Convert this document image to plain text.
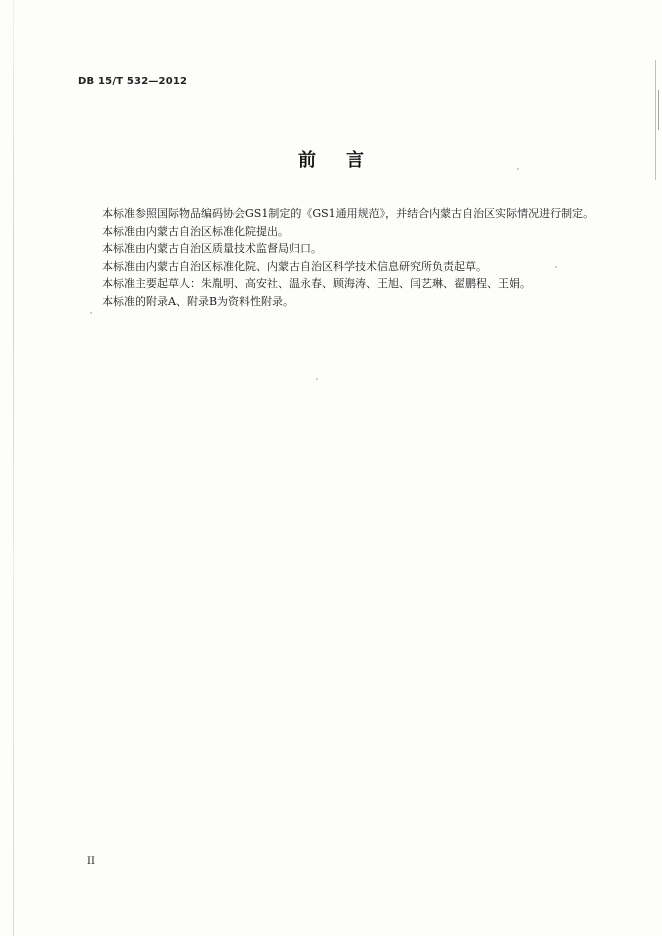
DB 15/T 532—2012
前言

本标准参照国际物品编码协会GS1制定的《GS1通用规范》，并结合内蒙古自治区实际情况进行制定。

本标准由内蒙古自治区标准化院提出。

本标准由内蒙古自治区质量技术监督局归口。

本标准由内蒙古自治区标准化院、内蒙古自治区科学技术信息研究所负责起草。

本标准主要起草人：朱胤明、高安社、温永春、顾海涛、王旭、闫艺琳、翟鹏程、王娟。

本标准的附录A、附录B为资料性附录。

II
